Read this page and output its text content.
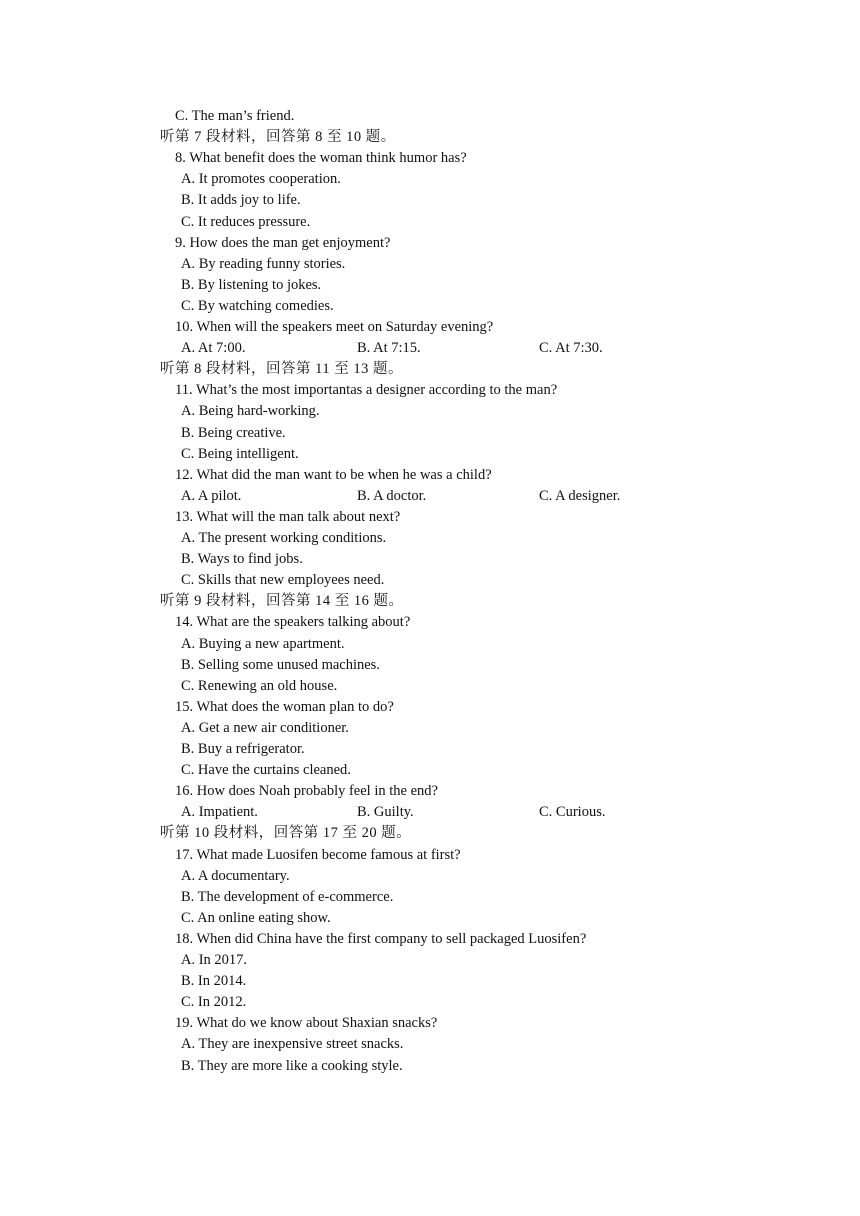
C. The man’s friend.
听第 7 段材料，回答第 8 至 10 题。
8. What benefit does the woman think humor has?
A. It promotes cooperation.
B. It adds joy to life.
C. It reduces pressure.
9. How does the man get enjoyment?
A. By reading funny stories.
B. By listening to jokes.
C. By watching comedies.
10. When will the speakers meet on Saturday evening?
A. At 7:00.	B. At 7:15.	C. At 7:30.
听第 8 段材料，回答第 11 至 13 题。
11. What’s the most importantas a designer according to the man?
A. Being hard-working.
B. Being creative.
C. Being intelligent.
12. What did the man want to be when he was a child?
A. A pilot.	B. A doctor.	C. A designer.
13. What will the man talk about next?
A. The present working conditions.
B. Ways to find jobs.
C. Skills that new employees need.
听第 9 段材料，回答第 14 至 16 题。
14. What are the speakers talking about?
A. Buying a new apartment.
B. Selling some unused machines.
C. Renewing an old house.
15. What does the woman plan to do?
A. Get a new air conditioner.
B. Buy a refrigerator.
C. Have the curtains cleaned.
16. How does Noah probably feel in the end?
A. Impatient.	B. Guilty.	C. Curious.
听第 10 段材料，回答第 17 至 20 题。
17. What made Luosifen become famous at first?
A. A documentary.
B. The development of e-commerce.
C. An online eating show.
18. When did China have the first company to sell packaged Luosifen?
A. In 2017.
B. In 2014.
C. In 2012.
19. What do we know about Shaxian snacks?
A. They are inexpensive street snacks.
B. They are more like a cooking style.
